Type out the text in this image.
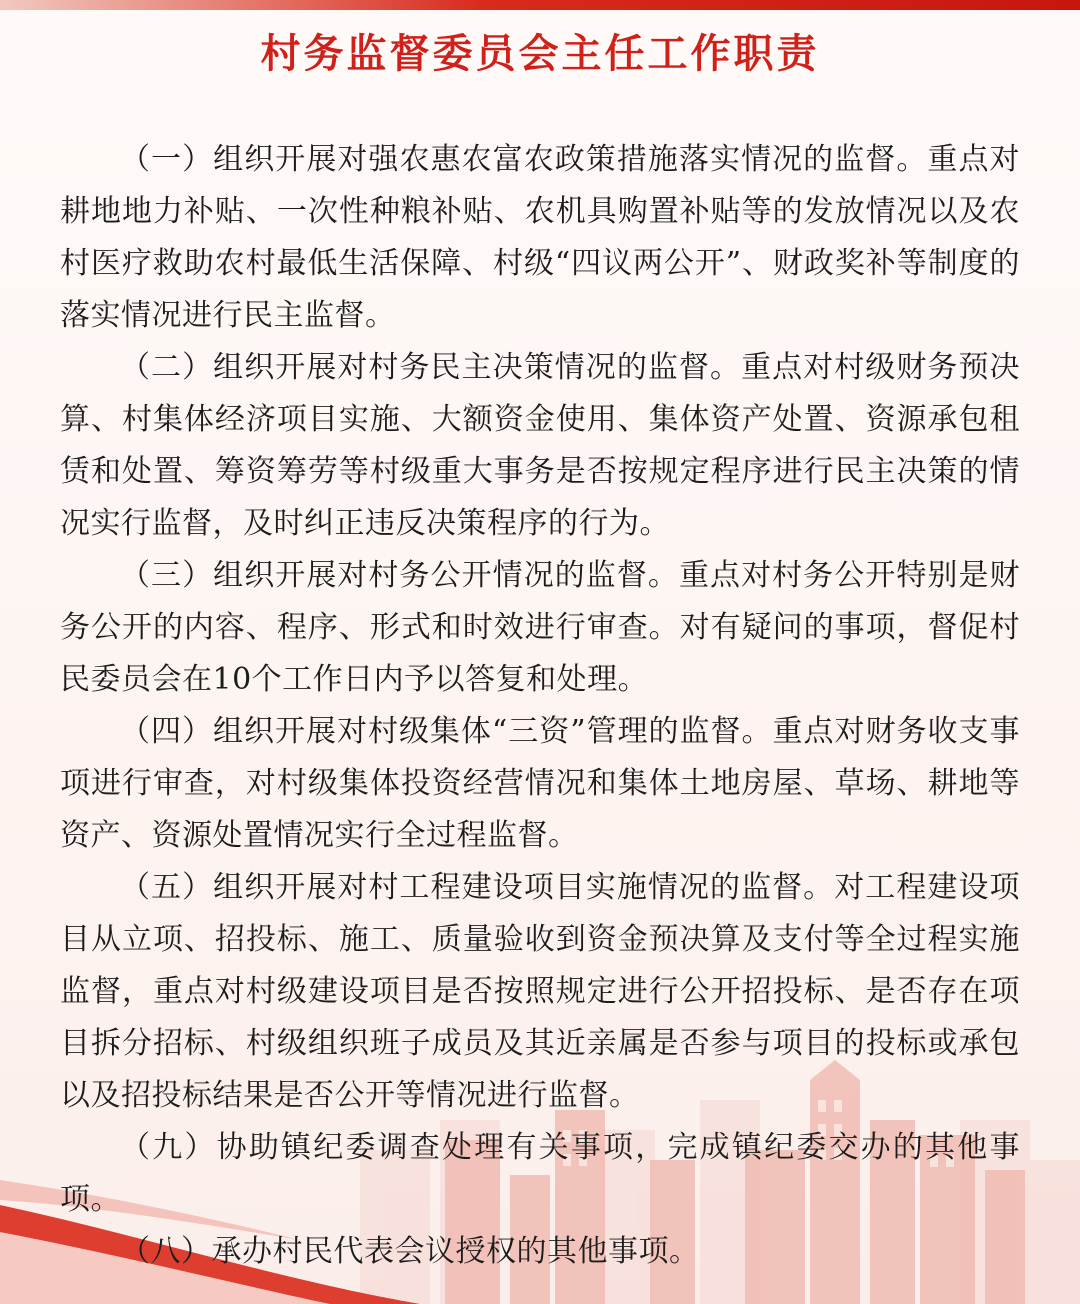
村务监督委员会主任工作职责

（一）组织开展对强农惠农富农政策措施落实情况的监督。重点对耕地地力补贴、一次性种粮补贴、农机具购置补贴等的发放情况以及农村医疗救助农村最低生活保障、村级“四议两公开”、财政奖补等制度的落实情况进行民主监督。

（二）组织开展对村务民主决策情况的监督。重点对村级财务预决算、村集体经济项目实施、大额资金使用、集体资产处置、资源承包租赁和处置、筹资筹劳等村级重大事务是否按规定程序进行民主决策的情况实行监督，及时纠正违反决策程序的行为。

（三）组织开展对村务公开情况的监督。重点对村务公开特别是财务公开的内容、程序、形式和时效进行审查。对有疑问的事项，督促村民委员会在10个工作日内予以答复和处理。

（四）组织开展对村级集体“三资”管理的监督。重点对财务收支事项进行审查，对村级集体投资经营情况和集体土地房屋、草场、耕地等资产、资源处置情况实行全过程监督。

（五）组织开展对村工程建设项目实施情况的监督。对工程建设项目从立项、招投标、施工、质量验收到资金预决算及支付等全过程实施监督，重点对村级建设项目是否按照规定进行公开招投标、是否存在项目拆分招标、村级组织班子成员及其近亲属是否参与项目的投标或承包以及招投标结果是否公开等情况进行监督。

（九）协助镇纪委调查处理有关事项，完成镇纪委交办的其他事项。

（八）承办村民代表会议授权的其他事项。
